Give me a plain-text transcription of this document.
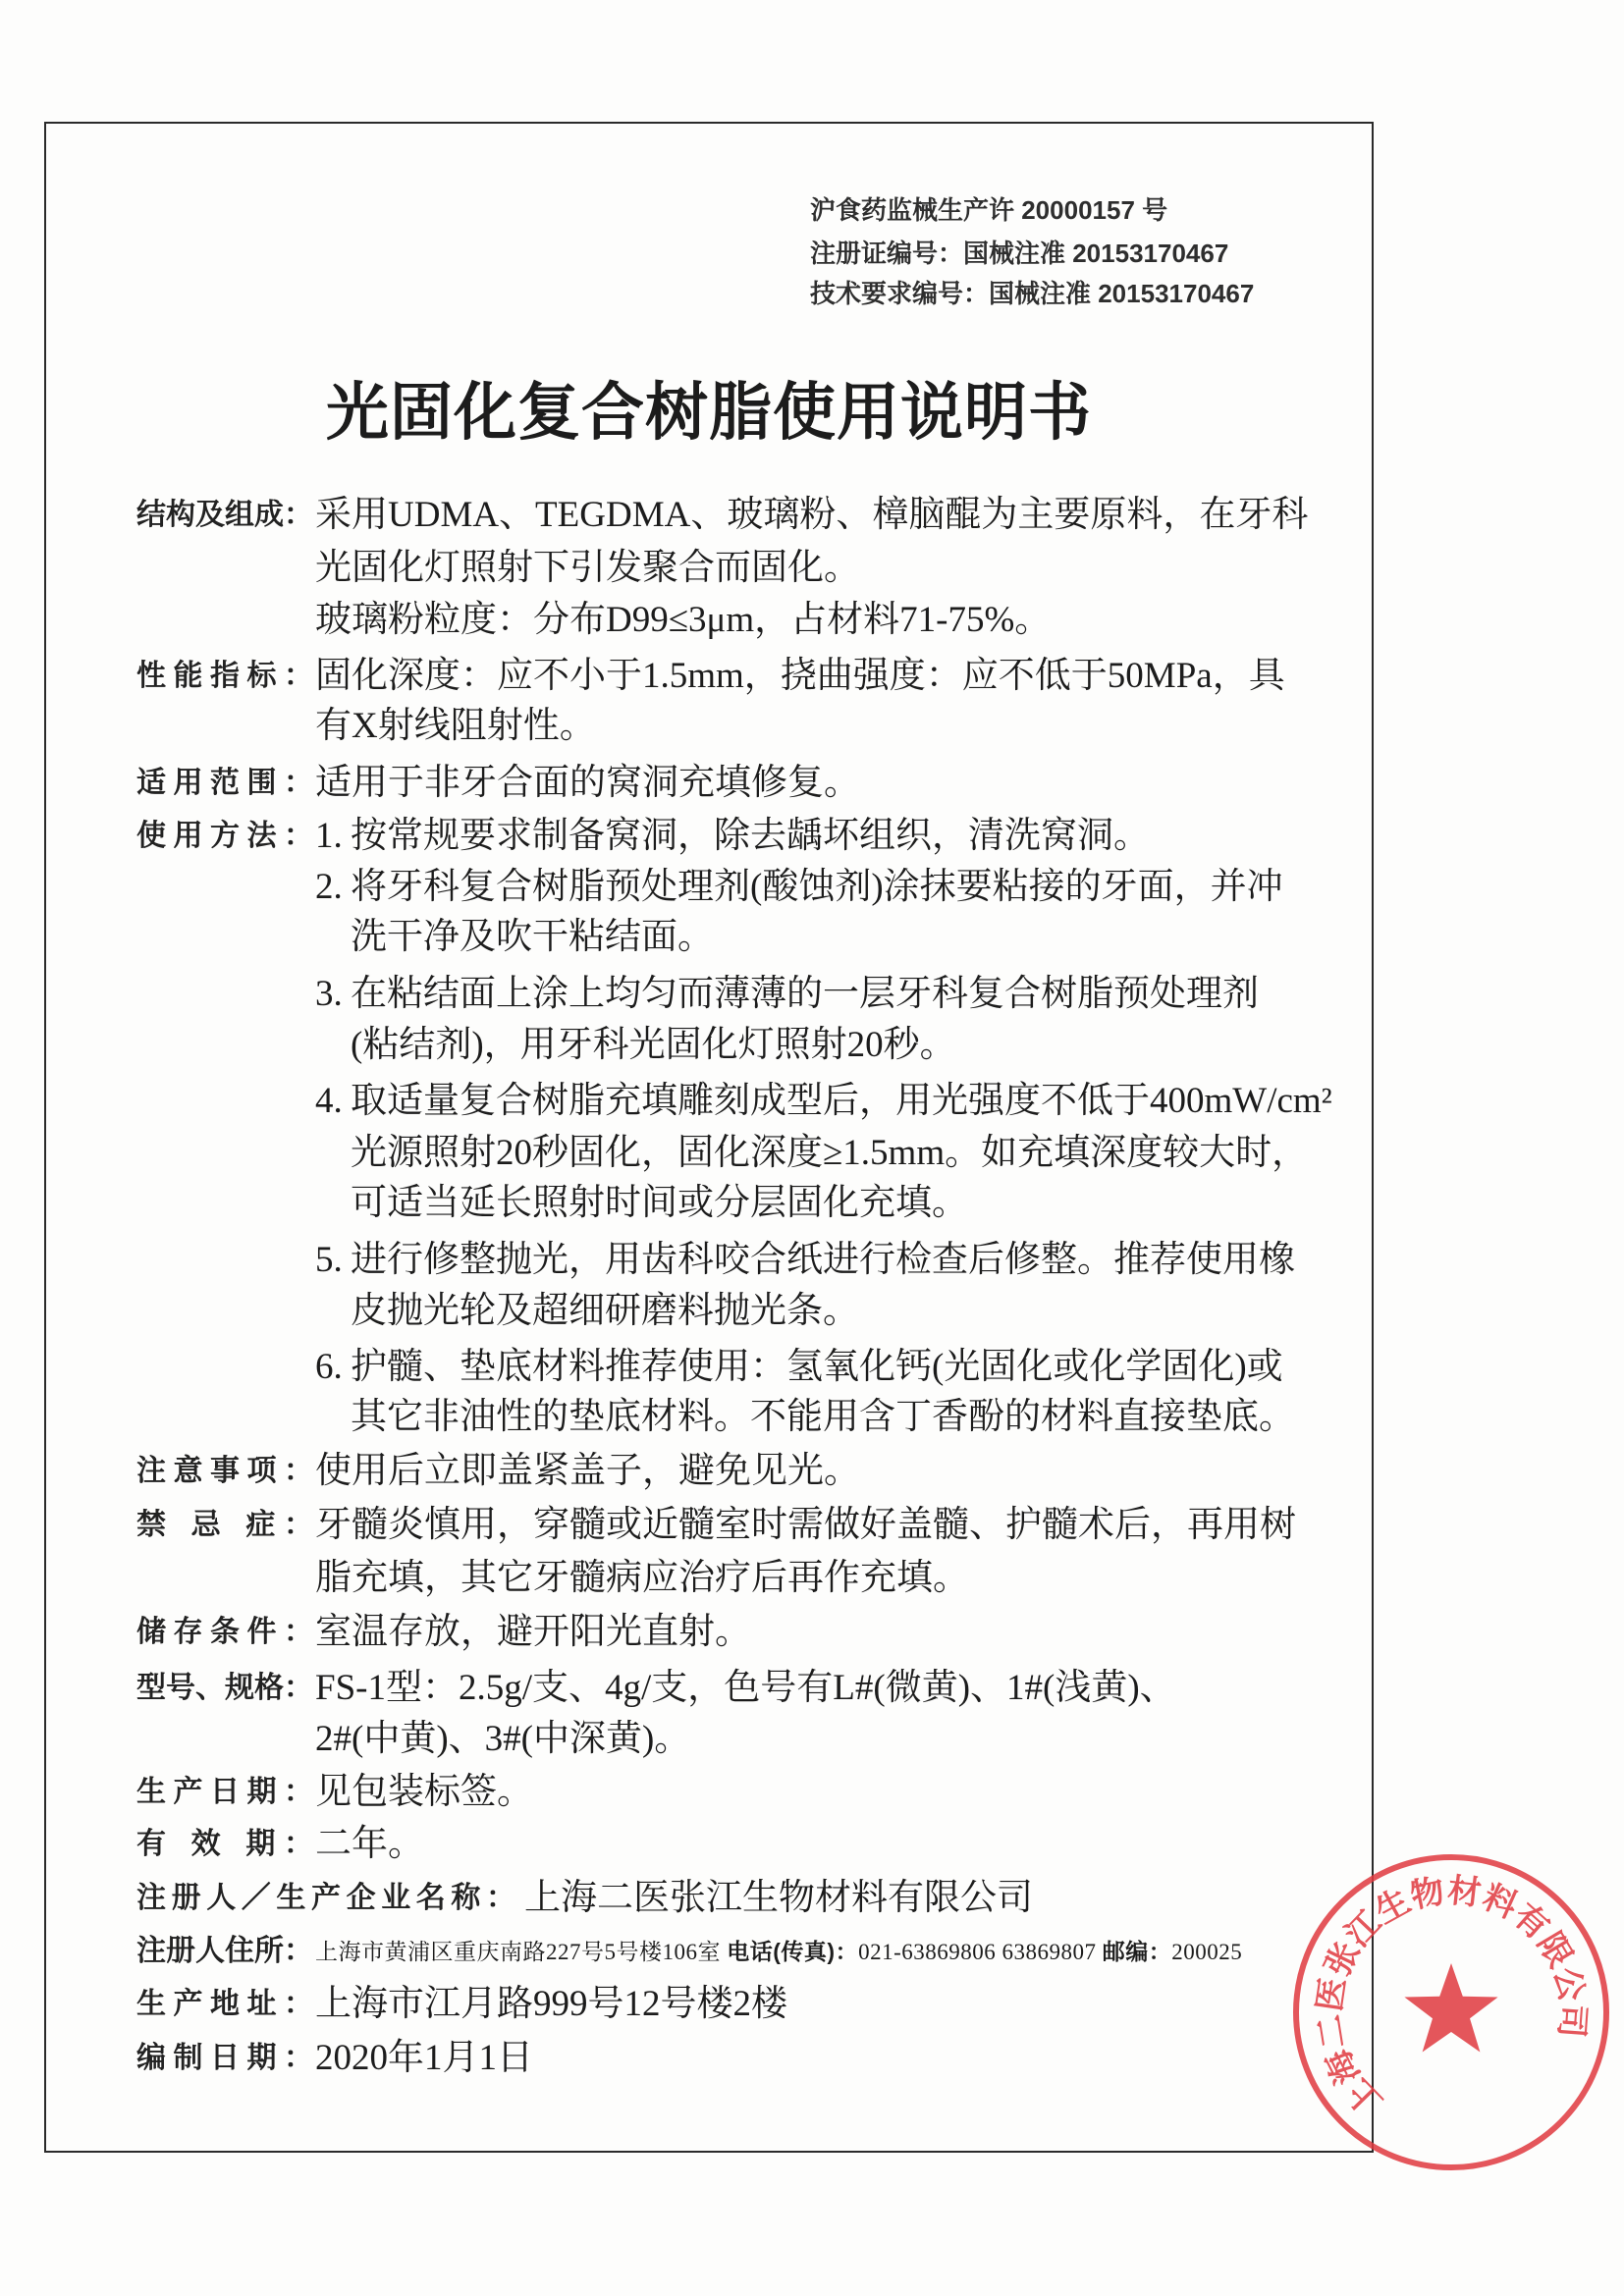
沪食药监械生产许 20000157 号
注册证编号：国械注准 20153170467
技术要求编号：国械注准 20153170467
光固化复合树脂使用说明书
结构及组成： 采用UDMA、TEGDMA、玻璃粉、樟脑醌为主要原料，在牙科
光固化灯照射下引发聚合而固化。
玻璃粉粒度：分布D99≤3μm，占材料71-75%。
性能指标： 固化深度：应不小于1.5mm，挠曲强度：应不低于50MPa，具
有X射线阻射性。
适用范围： 适用于非牙合面的窝洞充填修复。
使用方法： 1. 按常规要求制备窝洞，除去龋坏组织，清洗窝洞。
2. 将牙科复合树脂预处理剂(酸蚀剂)涂抹要粘接的牙面，并冲
洗干净及吹干粘结面。
3. 在粘结面上涂上均匀而薄薄的一层牙科复合树脂预处理剂
(粘结剂)，用牙科光固化灯照射20秒。
4. 取适量复合树脂充填雕刻成型后，用光强度不低于400mW/cm²
光源照射20秒固化，固化深度≥1.5mm。如充填深度较大时，
可适当延长照射时间或分层固化充填。
5. 进行修整抛光，用齿科咬合纸进行检查后修整。推荐使用橡
皮抛光轮及超细研磨料抛光条。
6. 护髓、垫底材料推荐使用：氢氧化钙(光固化或化学固化)或
其它非油性的垫底材料。不能用含丁香酚的材料直接垫底。
注意事项： 使用后立即盖紧盖子，避免见光。
禁 忌 症： 牙髓炎慎用，穿髓或近髓室时需做好盖髓、护髓术后，再用树
脂充填，其它牙髓病应治疗后再作充填。
储存条件： 室温存放，避开阳光直射。
型号、规格： FS-1型：2.5g/支、4g/支，色号有L#(微黄)、1#(浅黄)、
2#(中黄)、3#(中深黄)。
生产日期： 见包装标签。
有 效 期： 二年。
注册人／生产企业名称： 上海二医张江生物材料有限公司
注册人住所： 上海市黄浦区重庆南路227号5号楼106室 电话(传真)：021-63869806 63869807 邮编：200025
生产地址： 上海市江月路999号12号楼2楼
编制日期： 2020年1月1日
上海二医张江生物材料有限公司
